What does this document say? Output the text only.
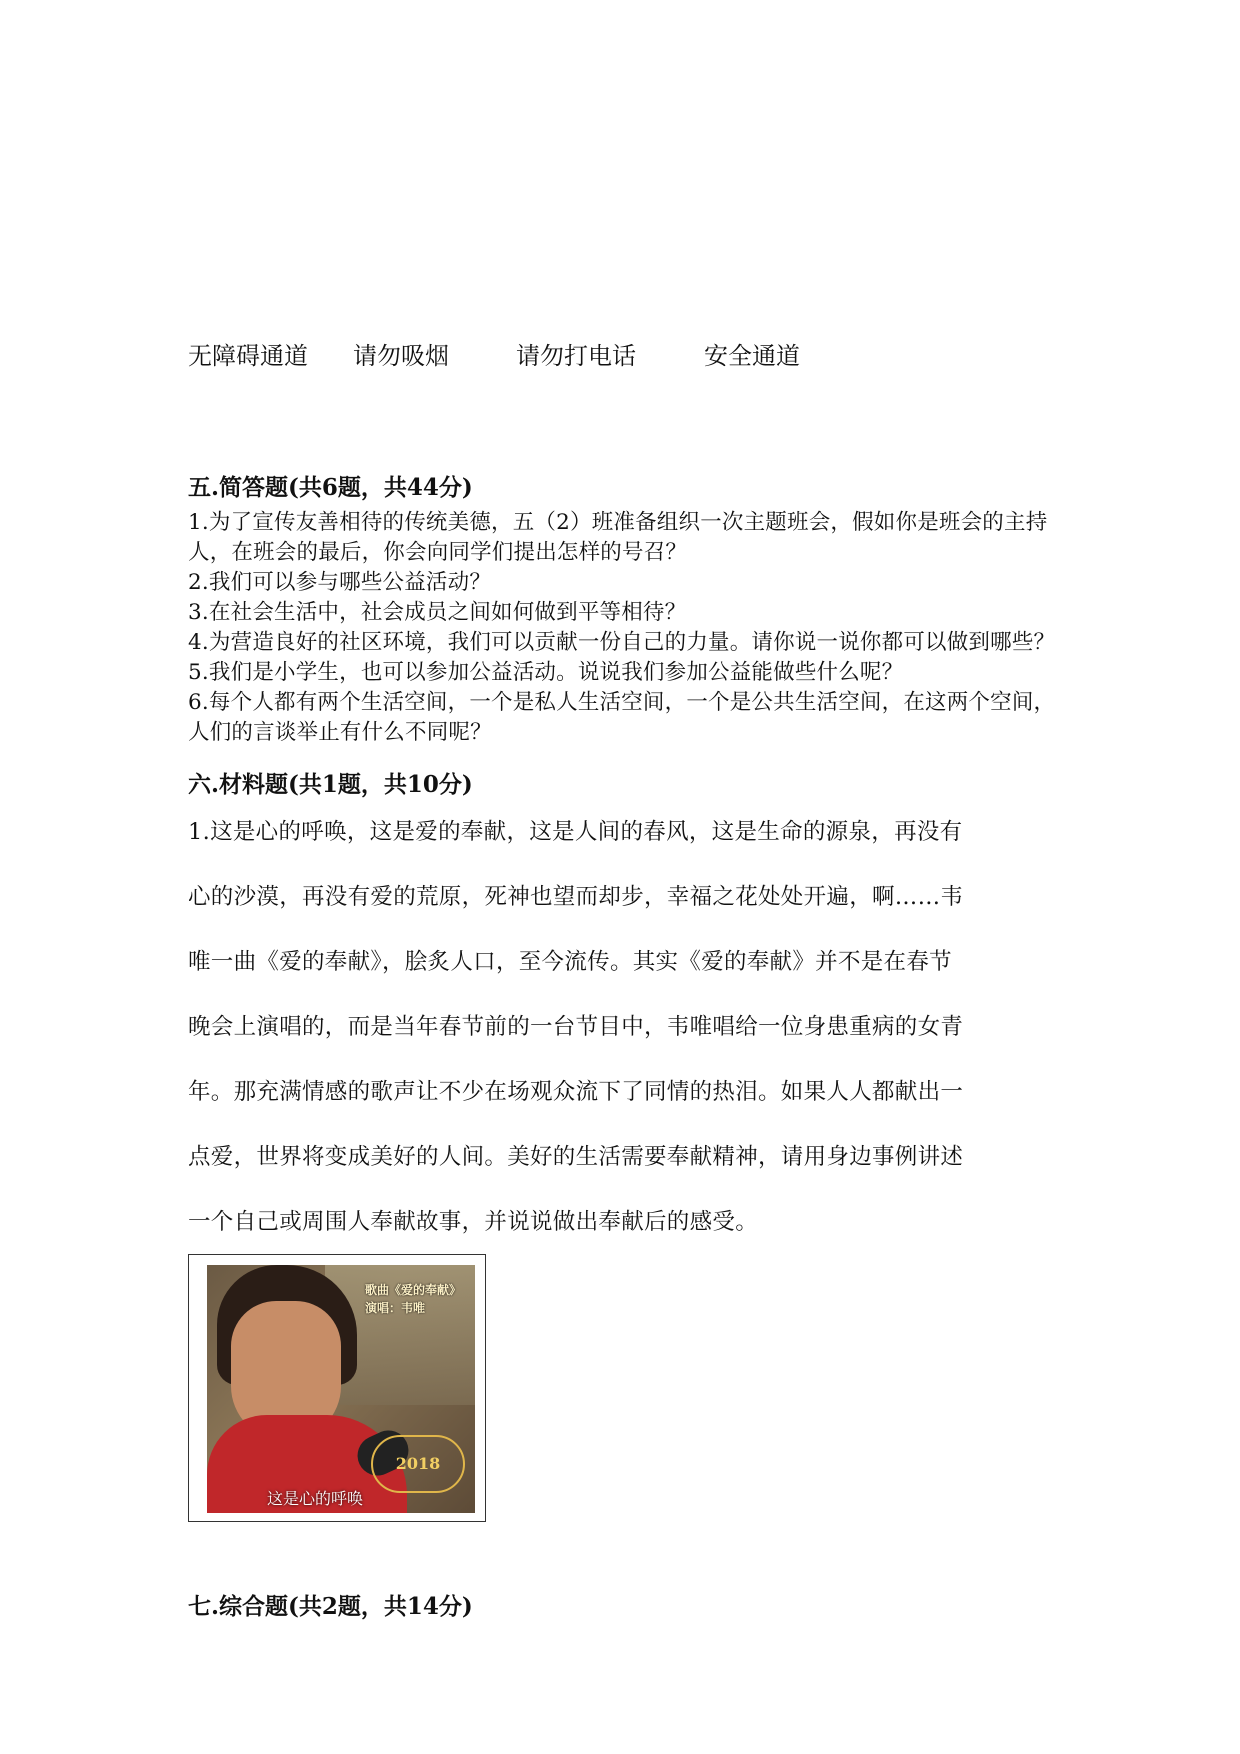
无障碍通道 请勿吸烟	请勿打电话	安全通道
五.简答题(共6题，共44分)

1.为了宣传友善相待的传统美德，五（2）班准备组织一次主题班会，假如你是班会的主持人，在班会的最后，你会向同学们提出怎样的号召？

2.我们可以参与哪些公益活动？

3.在社会生活中，社会成员之间如何做到平等相待？

4.为营造良好的社区环境，我们可以贡献一份自己的力量。请你说一说你都可以做到哪些？

5.我们是小学生，也可以参加公益活动。说说我们参加公益能做些什么呢？

6.每个人都有两个生活空间，一个是私人生活空间，一个是公共生活空间，在这两个空间，人们的言谈举止有什么不同呢？

六.材料题(共1题，共10分)

1.这是心的呼唤，这是爱的奉献，这是人间的春风，这是生命的源泉，再没有

心的沙漠，再没有爱的荒原，死神也望而却步，幸福之花处处开遍，啊……韦

唯一曲《爱的奉献》，脍炙人口，至今流传。其实《爱的奉献》并不是在春节

晚会上演唱的，而是当年春节前的一台节目中，韦唯唱给一位身患重病的女青

年。那充满情感的歌声让不少在场观众流下了同情的热泪。如果人人都献出一

点爱，世界将变成美好的人间。美好的生活需要奉献精神，请用身边事例讲述

一个自己或周围人奉献故事，并说说做出奉献后的感受。

歌曲《爱的奉献》
演唱：韦唯
2018
这是心的呼唤
七.综合题(共2题，共14分)
